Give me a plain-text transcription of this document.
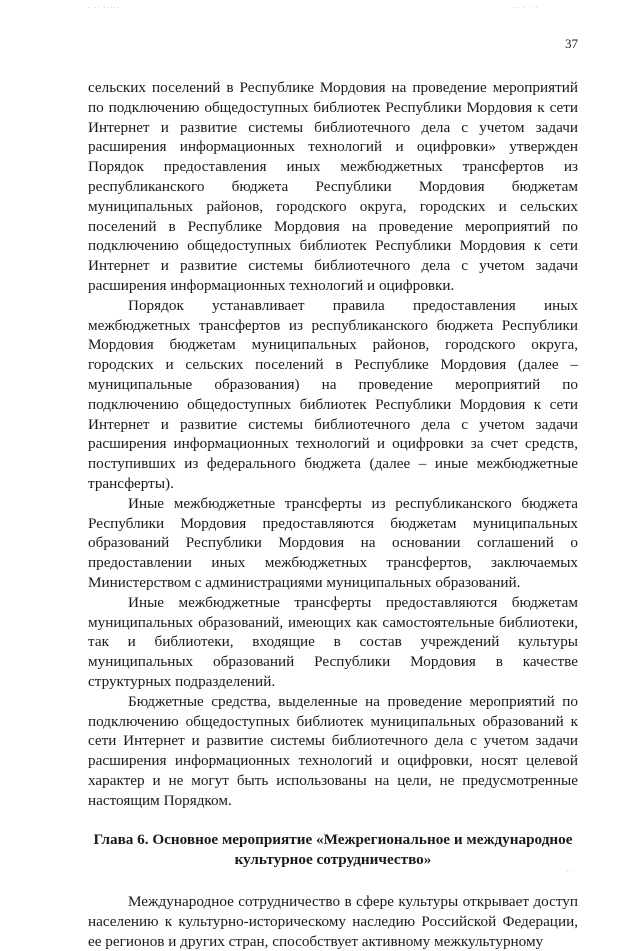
· ·· ·····	·· · · ·
· ·
37

сельских поселений в Республике Мордовия на проведение мероприятий по подключению общедоступных библиотек Республики Мордовия к сети Интернет и развитие системы библиотечного дела с учетом задачи расширения информационных технологий и оцифровки» утвержден Порядок предоставления иных межбюджетных трансфертов из республиканского бюджета Республики Мордовия бюджетам муниципальных районов, городского округа, городских и сельских поселений в Республике Мордовия на проведение мероприятий по подключению общедоступных библиотек Республики Мордовия к сети Интернет и развитие системы библиотечного дела с учетом задачи расширения информационных технологий и оцифровки.

Порядок устанавливает правила предоставления иных межбюджетных трансфертов из республиканского бюджета Республики Мордовия бюджетам муниципальных районов, городского округа, городских и сельских поселений в Республике Мордовия (далее – муниципальные образования) на проведение мероприятий по подключению общедоступных библиотек Республики Мордовия к сети Интернет и развитие системы библиотечного дела с учетом задачи расширения информационных технологий и оцифровки за счет средств, поступивших из федерального бюджета (далее – иные межбюджетные трансферты).

Иные межбюджетные трансферты из республиканского бюджета Республики Мордовия предоставляются бюджетам муниципальных образований Республики Мордовия на основании соглашений о предоставлении иных межбюджетных трансфертов, заключаемых Министерством с администрациями муниципальных образований.

Иные межбюджетные трансферты предоставляются бюджетам муниципальных образований, имеющих как самостоятельные библиотеки, так и библиотеки, входящие в состав учреждений культуры муниципальных образований Республики Мордовия в качестве структурных подразделений.

Бюджетные средства, выделенные на проведение мероприятий по подключению общедоступных библиотек муниципальных образований к сети Интернет и развитие системы библиотечного дела с учетом задачи расширения информационных технологий и оцифровки, носят целевой характер и не могут быть использованы на цели, не предусмотренные настоящим Порядком.

Глава 6. Основное мероприятие «Межрегиональное и международное культурное сотрудничество»

Международное сотрудничество в сфере культуры открывает доступ населению к культурно-историческому наследию Российской Федерации, ее регионов и других стран, способствует активному межкультурному
